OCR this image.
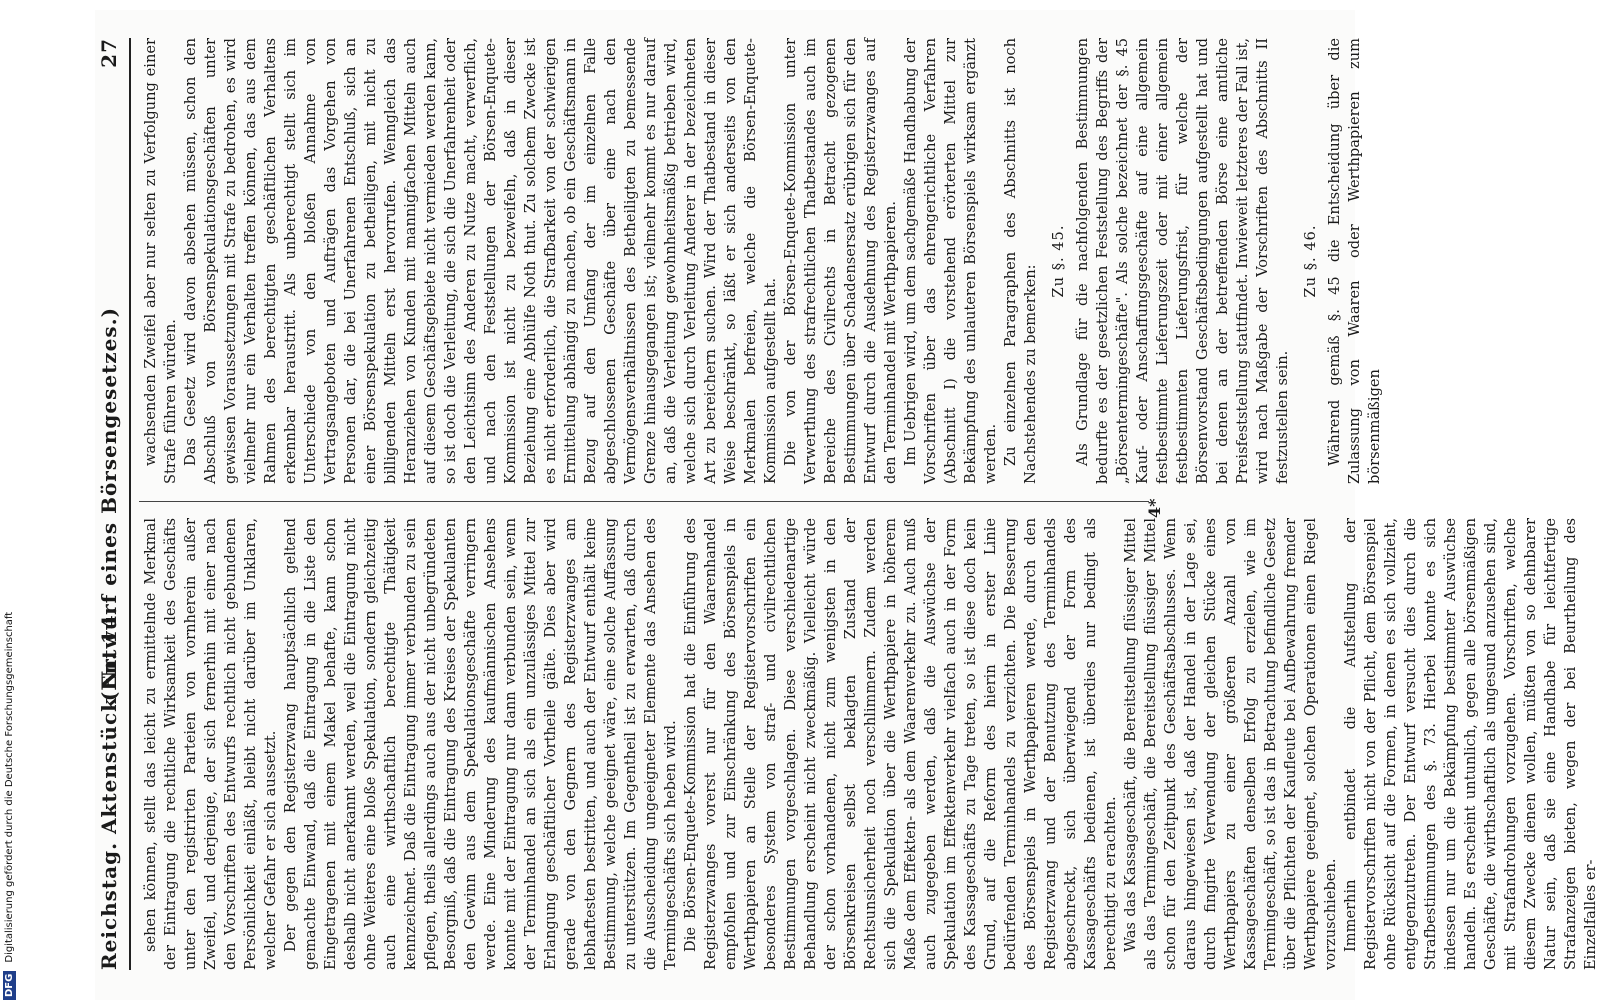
Reichstag. Aktenstück Nr. 14.
(Entwurf eines Börsengesetzes.)
27

sehen können, stellt das leicht zu ermittelnde Merkmal der Eintragung die rechtliche Wirksamkeit des Geschäfts unter den registrirten Parteien von vornherein außer Zweifel, und derjenige, der sich fernerhin mit einer nach den Vorschriften des Entwurfs rechtlich nicht gebundenen Persönlichkeit einläßt, bleibt nicht darüber im Unklaren, welcher Gefahr er sich aussetzt. Der gegen den Registerzwang hauptsächlich geltend gemachte Einwand, daß die Eintragung in die Liste den Eingetragenen mit einem Makel behafte, kann schon deshalb nicht anerkannt werden, weil die Eintragung nicht ohne Weiteres eine bloße Spekulation, sondern gleichzeitig auch eine wirthschaftlich berechtigte Thätigkeit kennzeichnet. Daß die Eintragung immer verbunden zu sein pflegen, theils allerdings auch aus der nicht unbegründeten Besorgniß, daß die Eintragung des Kreises der Spekulanten den Gewinn aus dem Spekulationsgeschäfte verringern werde. Eine Minderung des kaufmännischen Ansehens konnte mit der Eintragung nur dann verbunden sein, wenn der Terminhandel an sich als ein unzulässiges Mittel zur Erlangung geschäftlicher Vortheile gälte. Dies aber wird gerade von den Gegnern des Registerzwanges am lebhaftesten bestritten, und auch der Entwurf enthält keine Bestimmung, welche geeignet wäre, eine solche Auffassung zu unterstützen. Im Gegentheil ist zu erwarten, daß durch die Ausscheidung ungeeigneter Elemente das Ansehen des Termingeschäfts sich heben wird. Die Börsen-Enquete-Kommission hat die Einführung des Registerzwanges vorerst nur für den Waarenhandel empfohlen und zur Einschränkung des Börsenspiels in Werthpapieren an Stelle der Registervorschriften ein besonderes System von straf- und civilrechtlichen Bestimmungen vorgeschlagen. Diese verschiedenartige Behandlung erscheint nicht zweckmäßig. Vielleicht würde der schon vorhandenen, nicht zum wenigsten in den Börsenkreisen selbst beklagten Zustand der Rechtsunsicherheit noch verschlimmern. Zudem werden sich die Spekulation über die Werthpapiere in höherem Maße dem Effekten- als dem Waarenverkehr zu. Auch muß auch zugegeben werden, daß die Auswüchse der Spekulation im Effektenverkehr vielfach auch in der Form des Kassageschäfts zu Tage treten, so ist diese doch kein Grund, auf die Reform des hierin in erster Linie bedürfenden Terminhandels zu verzichten. Die Besserung des Börsenspiels in Werthpapieren werde, durch den Registerzwang und der Benutzung des Terminhandels abgeschreckt, sich überwiegend der Form des Kassageschäfts bedienen, ist überdies nur bedingt als berechtigt zu erachten. Was das Kassageschäft, die Bereitstellung flüssiger Mittel als das Termingeschäft, die Bereitstellung flüssiger Mittel schon für den Zeitpunkt des Geschäftsabschlusses. Wenn daraus hingewiesen ist, daß der Handel in der Lage sei, durch fingirte Verwendung der gleichen Stücke eines Werthpapiers zu einer größeren Anzahl von Kassageschäften denselben Erfolg zu erzielen, wie im Termingeschäft, so ist das in Betrachtung befindliche Gesetz über die Pflichten der Kaufleute bei Aufbewahrung fremder Werthpapiere geeignet, solchen Operationen einen Riegel vorzuschieben. Immerhin entbindet die Aufstellung der Registervorschriften nicht von der Pflicht, dem Börsenspiel ohne Rücksicht auf die Formen, in denen es sich vollzieht, entgegenzutreten. Der Entwurf versucht dies durch die Strafbestimmungen des §. 73. Hierbei konnte es sich indessen nur um die Bekämpfung bestimmter Auswüchse handeln. Es erscheint untunlich, gegen alle börsenmäßigen Geschäfte, die wirthschaftlich als ungesund anzusehen sind, mit Strafandrohungen vorzugehen. Vorschriften, welche diesem Zwecke dienen wollen, müßten von so dehnbarer Natur sein, daß sie eine Handhabe für leichtfertige Strafanzeigen bieten, wegen der bei Beurtheilung des Einzelfalles er-

wachsenden Zweifel aber nur selten zu Verfolgung einer Strafe führen würden. Das Gesetz wird davon absehen müssen, schon den Abschluß von Börsenspekulationsgeschäften unter gewissen Voraussetzungen mit Strafe zu bedrohen, es wird vielmehr nur ein Verhalten treffen können, das aus dem Rahmen des berechtigten geschäftlichen Verhaltens erkennbar heraustritt. Als unberechtigt stellt sich im Unterschiede von den bloßen Annahme von Vertragsangeboten und Aufträgen das Vorgehen von Personen dar, die bei Unerfahrenen Entschluß, sich an einer Börsenspekulation zu betheiligen, mit nicht zu billigenden Mitteln erst hervorrufen. Wenngleich das Heranziehen von Kunden mit mannigfachen Mitteln auch auf diesem Geschäftsgebiete nicht vermieden werden kann, so ist doch die Verleitung, die sich die Unerfahrenheit oder den Leichtsinn des Anderen zu Nutze macht, verwerflich, und nach den Feststellungen der Börsen-Enquete-Kommission ist nicht zu bezweifeln, daß in dieser Beziehung eine Abhülfe Noth thut. Zu solchem Zwecke ist es nicht erforderlich, die Strafbarkeit von der schwierigen Ermittelung abhängig zu machen, ob ein Geschäftsmann in Bezug auf den Umfang der im einzelnen Falle abgeschlossenen Geschäfte über eine nach den Vermögensverhältnissen des Betheiligten zu bemessende Grenze hinausgegangen ist; vielmehr kommt es nur darauf an, daß die Verleitung gewohnheitsmäßig betrieben wird, welche sich durch Verleitung Anderer in der bezeichneten Art zu bereichern suchen. Wird der Thatbestand in dieser Weise beschränkt, so läßt er sich anderseits von den Merkmalen befreien, welche die Börsen-Enquete-Kommission aufgestellt hat. Die von der Börsen-Enquete-Kommission unter Verwerthung des strafrechtlichen Thatbestandes auch im Bereiche des Civilrechts in Betracht gezogenen Bestimmungen über Schadensersatz erübrigen sich für den Entwurf durch die Ausdehnung des Registerzwanges auf den Terminhandel mit Werthpapieren. Im Uebrigen wird, um dem sachgemäße Handhabung der Vorschriften über das ehrengerichtliche Verfahren (Abschnitt I) die vorstehend erörterten Mittel zur Bekämpfung des unlauteren Börsenspiels wirksam ergänzt werden. Zu einzelnen Paragraphen des Abschnitts ist noch Nachstehendes zu bemerken:

Zu §. 45. Als Grundlage für die nachfolgenden Bestimmungen bedurfte es der gesetzlichen Feststellung des Begriffs der „Börsentermingeschäfte". Als solche bezeichnet der §. 45 Kauf- oder Anschaffungsgeschäfte auf eine allgemein festbestimmte Lieferungszeit oder mit einer allgemein festbestimmten Lieferungsfrist, für welche der Börsenvorstand Geschäftsbedingungen aufgestellt hat und bei denen an der betreffenden Börse eine amtliche Preisfeststellung stattfindet. Inwieweit letzteres der Fall ist, wird nach Maßgabe der Vorschriften des Abschnitts II festzustellen sein.

Zu §. 46. Während gemäß §. 45 die Entscheidung über die Zulassung von Waaren oder Werthpapieren zum börsenmäßigen

4*
DFG
Digitalisierung gefördert durch die Deutsche Forschungsgemeinschaft
